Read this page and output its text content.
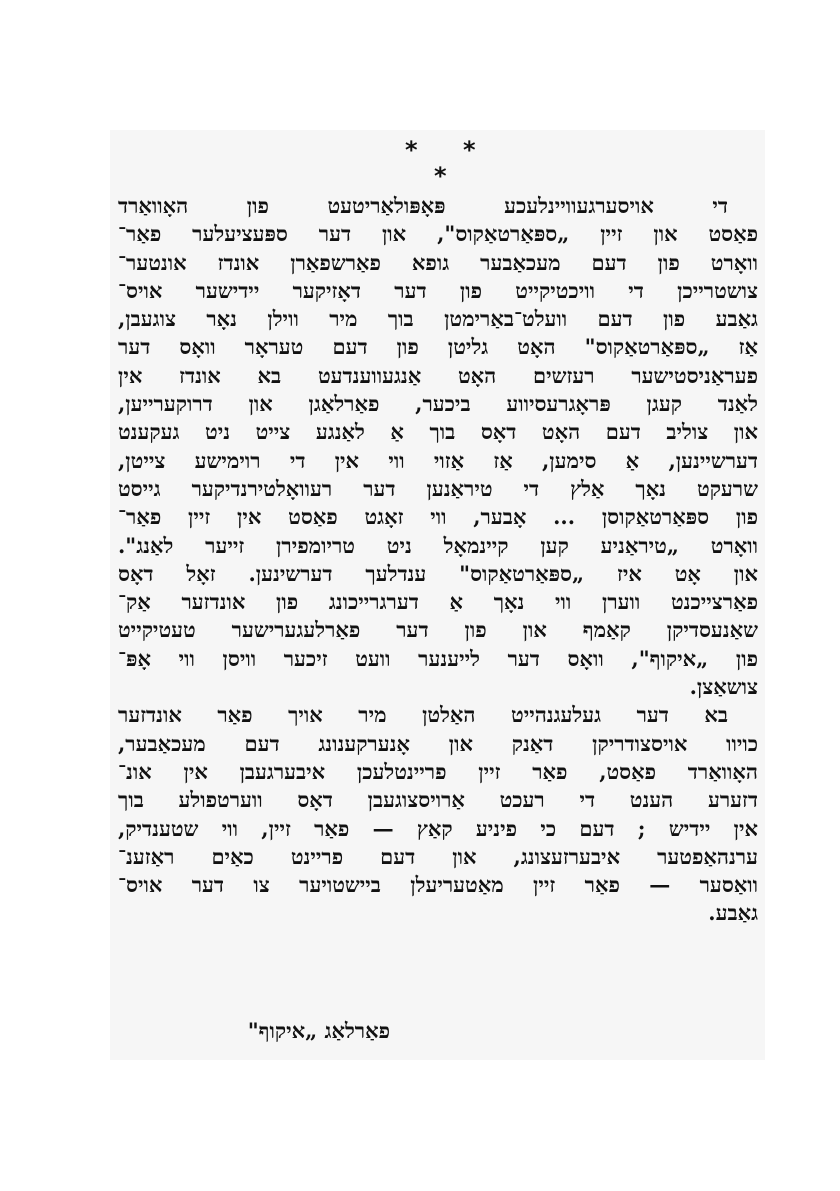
* *
*
די אויסערגעוויינלעכע פּאָפּולאַריטעט פון האָוואַרד
פאַסט און זיין „ספּאַרטאַקוס", און דער ספּעציעלער פאַר־
וואָרט פון דעם מעכאַבער גופא פאַרשפאַרן אונדז אונטער־
צושטרייכן די וויכטיקייט פון דער דאָזיקער יידישער אויס־
גאַבע פון דעם וועלט־באַרימטן בוך מיר ווילן נאָר צוגעבן,
אַז „ספּאַרטאַקוס" האָט גליטן פון דעם טעראָר וואָס דער
פעראַניסטישער רעזשים האָט אַנגעווענדעט בא אונדז אין
לאַנד קעגן פּראָגרעסיווע ביכער, פאַרלאַגן און דרוקערייען,
און צוליב דעם האָט דאָס בוך אַ לאַנגע צייט ניט געקענט
דערשיינען, אַ סימען, אַז אַזוי ווי אין די רוימישע צייטן,
שרעקט נאָך אַלץ די טיראַנען דער רעוואָלטירנדיקער גייסט
פון ספּאַרטאַקוסן ... אָבער, ווי זאָגט פאַסט אין זיין פאַר־
וואָרט „טיראַניע קען קיינמאָל ניט טריומפירן זייער לאַנג".
און אָט איז „ספּאַרטאַקוס" ענדלעך דערשינען. זאָל דאָס
פאַרצייכנט ווערן ווי נאָך אַ דערגרייכונג פון אונדזער אַק־
שאַנעסדיקן קאַמף און פון דער פאַרלעגערישער טעטיקייט
פון „איקוף", וואָס דער לייענער וועט זיכער וויסן ווי אָפּ־
צושאַצן.
בא דער געלעגנהייט האַלטן מיר אויך פאַר אונדזער
כויוו אויסצודריקן דאַנק און אָנערקענונג דעם מעכאַבער,
האָוואַרד פאַסט, פאַר זיין פריינטלעכן איבערגעבן אין אונ־
דזערע הענט די רעכט אַרויסצוגעבן דאָס ווערטפולע בוך
אין יידיש ; דעם כי פיניע קאַץ — פאַר זיין, ווי שטענדיק,
ערנהאַפטער איבערזעצונג, און דעם פריינט כאַים ראַזענ־
וואַסער — פאַר זיין מאַטעריעלן ביישטויער צו דער אויס־
גאַבע.
פאַרלאַג „איקוף"
